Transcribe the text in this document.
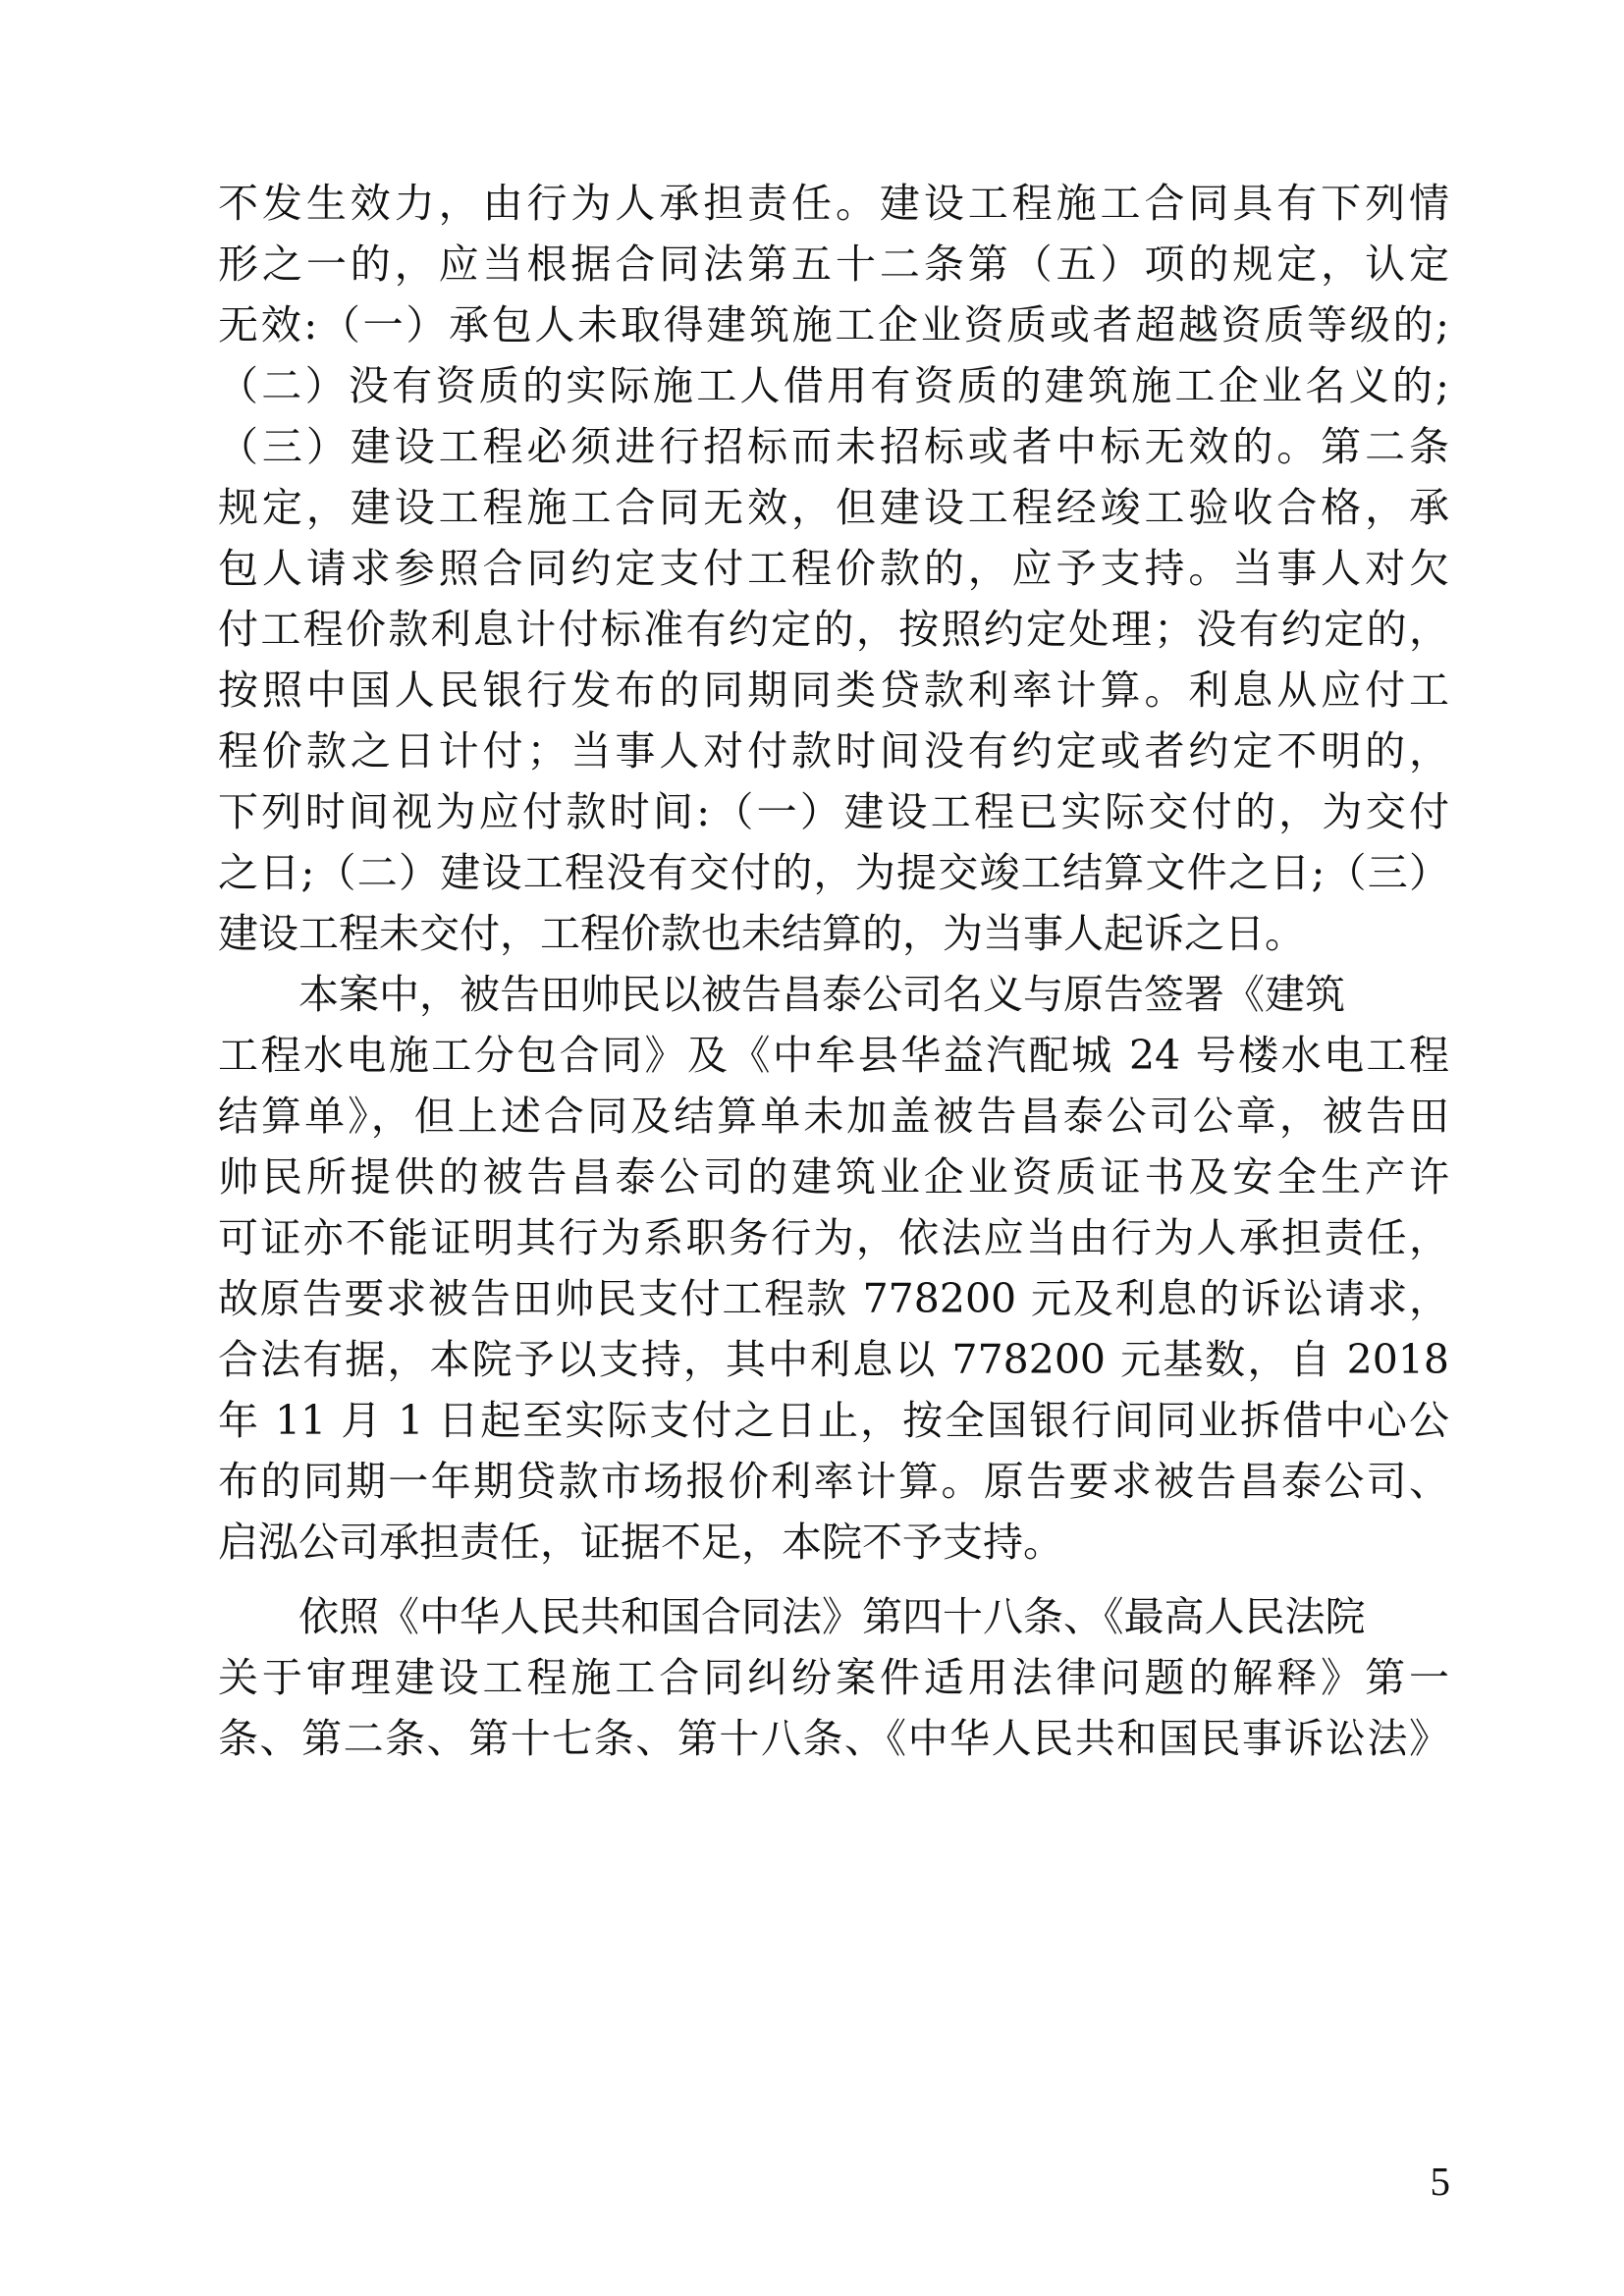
不发生效力，由行为人承担责任。建设工程施工合同具有下列情
形之一的，应当根据合同法第五十二条第（五）项的规定，认定
无效:（一）承包人未取得建筑施工企业资质或者超越资质等级的;
（二）没有资质的实际施工人借用有资质的建筑施工企业名义的;
（三）建设工程必须进行招标而未招标或者中标无效的。第二条
规定，建设工程施工合同无效，但建设工程经竣工验收合格，承
包人请求参照合同约定支付工程价款的，应予支持。当事人对欠
付工程价款利息计付标准有约定的，按照约定处理；没有约定的，
按照中国人民银行发布的同期同类贷款利率计算。利息从应付工
程价款之日计付；当事人对付款时间没有约定或者约定不明的，
下列时间视为应付款时间:（一）建设工程已实际交付的，为交付
之日;（二）建设工程没有交付的，为提交竣工结算文件之日;（三）
建设工程未交付，工程价款也未结算的，为当事人起诉之日。
本案中，被告田帅民以被告昌泰公司名义与原告签署《建筑
工程水电施工分包合同》及《中牟县华益汽配城 24 号楼水电工程
结算单》，但上述合同及结算单未加盖被告昌泰公司公章，被告田
帅民所提供的被告昌泰公司的建筑业企业资质证书及安全生产许
可证亦不能证明其行为系职务行为，依法应当由行为人承担责任，
故原告要求被告田帅民支付工程款 778200 元及利息的诉讼请求，
合法有据，本院予以支持，其中利息以 778200 元基数，自 2018
年 11 月 1 日起至实际支付之日止，按全国银行间同业拆借中心公
布的同期一年期贷款市场报价利率计算。原告要求被告昌泰公司、
启泓公司承担责任，证据不足，本院不予支持。
依照《中华人民共和国合同法》第四十八条、《最高人民法院
关于审理建设工程施工合同纠纷案件适用法律问题的解释》第一
条、第二条、第十七条、第十八条、《中华人民共和国民事诉讼法》
5
